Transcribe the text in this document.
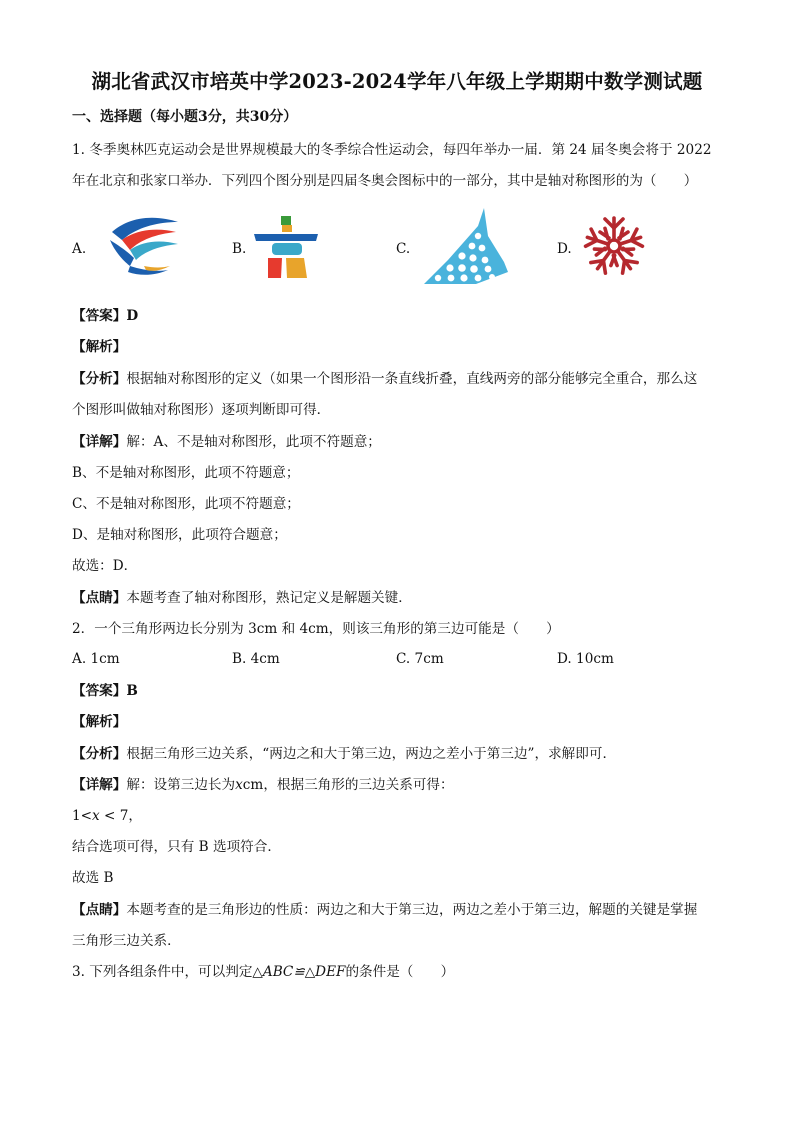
湖北省武汉市培英中学2023-2024学年八年级上学期期中数学测试题
一、选择题（每小题3分，共30分）
1. 冬季奥林匹克运动会是世界规模最大的冬季综合性运动会，每四年举办一届．第 24 届冬奥会将于 2022
年在北京和张家口举办．下列四个图分别是四届冬奥会图标中的一部分，其中是轴对称图形的为（　　）
A.	B.	C.	D.
【答案】D
【解析】
【分析】根据轴对称图形的定义（如果一个图形沿一条直线折叠，直线两旁的部分能够完全重合，那么这
个图形叫做轴对称图形）逐项判断即可得．
【详解】解：A、不是轴对称图形，此项不符题意；
B、不是轴对称图形，此项不符题意；
C、不是轴对称图形，此项不符题意；
D、是轴对称图形，此项符合题意；
故选：D．
【点睛】本题考查了轴对称图形，熟记定义是解题关键．
2．一个三角形两边长分别为 3cm 和 4cm，则该三角形的第三边可能是（　　）
A. 1cm	B. 4cm	C. 7cm	D. 10cm
【答案】B
【解析】
【分析】根据三角形三边关系，“两边之和大于第三边，两边之差小于第三边”，求解即可．
【详解】解：设第三边长为xcm，根据三角形的三边关系可得：
1<x < 7，
结合选项可得，只有 B 选项符合．
故选 B
【点睛】本题考查的是三角形边的性质：两边之和大于第三边，两边之差小于第三边，解题的关键是掌握
三角形三边关系．
3. 下列各组条件中，可以判定△ABC≌△DEF的条件是（　　）
